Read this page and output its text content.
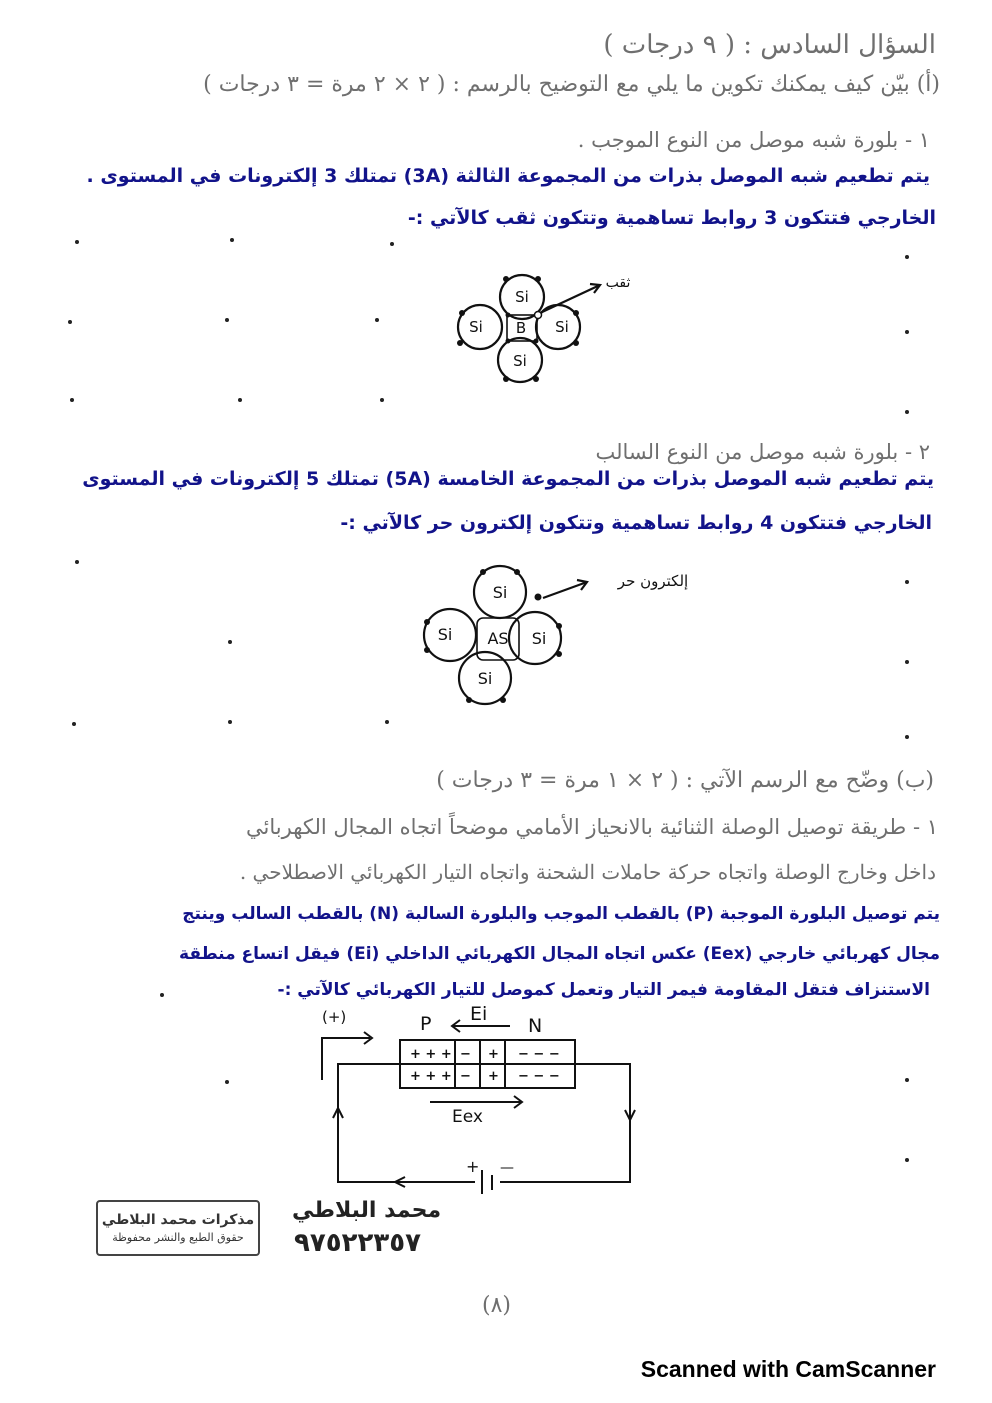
السؤال السادس : ( ٩ درجات )
(أ) بيّن كيف يمكنك تكوين ما يلي مع التوضيح بالرسم : ( ٢ × ٢ مرة = ٣ درجات )
١ - بلورة شبه موصل من النوع الموجب .
يتم تطعيم شبه الموصل بذرات من المجموعة الثالثة (3A) تمتلك 3 إلكترونات في المستوى .
الخارجي فتتكون 3 روابط تساهمية وتتكون ثقب كالآتي :-
Si
Si B Si
Si
ثقب
٢ - بلورة شبه موصل من النوع السالب
يتم تطعيم شبه الموصل بذرات من المجموعة الخامسة (5A) تمتلك 5 إلكترونات في المستوى
الخارجي فتتكون 4 روابط تساهمية وتتكون إلكترون حر كالآتي :-
Si
Si AS Si
Si
إلكترون حر
(ب) وضّح مع الرسم الآتي : ( ٢ × ١ مرة = ٣ درجات )
١ - طريقة توصيل الوصلة الثنائية بالانحياز الأمامي موضحاً اتجاه المجال الكهربائي
داخل وخارج الوصلة واتجاه حركة حاملات الشحنة واتجاه التيار الكهربائي الاصطلاحي .
يتم توصيل البلورة الموجبة (P) بالقطب الموجب والبلورة السالبة (N) بالقطب السالب وينتج
مجال كهربائي خارجي (Eex) عكس اتجاه المجال الكهربائي الداخلي (Ei) فيقل اتساع منطقة
الاستنزاف فتقل المقاومة فيمر التيار وتعمل كموصل للتيار الكهربائي كالآتي :-
+ + +
+ + +
−
−
+
+
− − −
− − −
(+)	P Ei
N
Eex
+ —
مذكرات محمد البلاطي
حقوق الطبع والنشر محفوظة
محمد البلاطي
٩٧٥٢٢٣٥٧
(٨)
Scanned with CamScanner
